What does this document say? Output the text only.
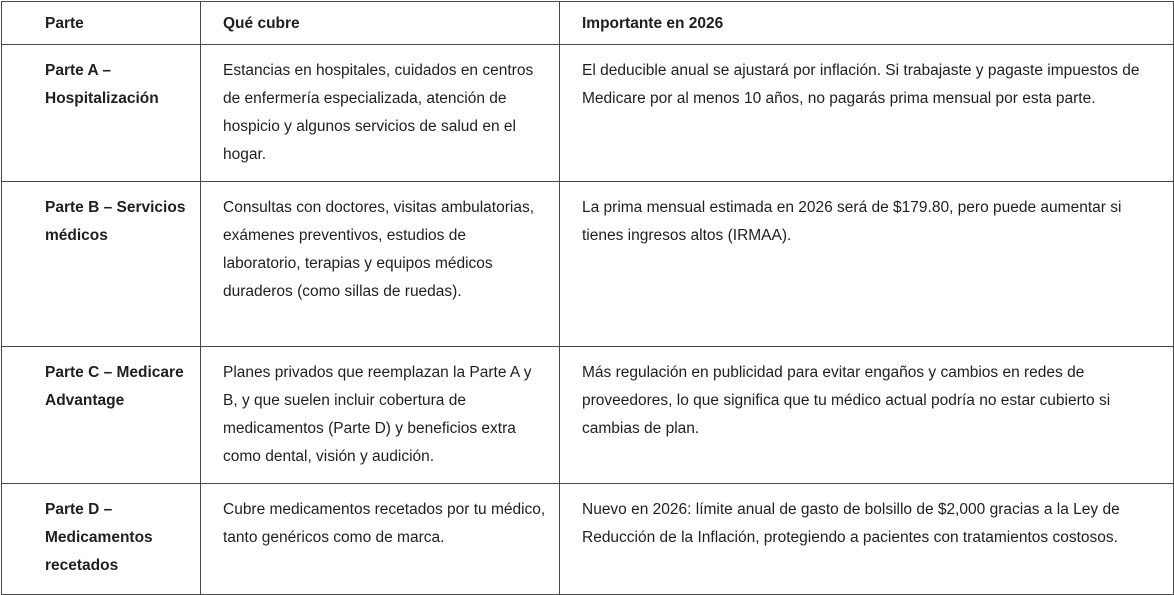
Parte	Qué cubre	Importante en 2026
Parte A – Hospitalización	Estancias en hospitales, cuidados en centros de enfermería especializada, atención de hospicio y algunos servicios de salud en el hogar.	El deducible anual se ajustará por inflación. Si trabajaste y pagaste impuestos de Medicare por al menos 10 años, no pagarás prima mensual por esta parte.
Parte B – Servicios médicos	Consultas con doctores, visitas ambulatorias, exámenes preventivos, estudios de laboratorio, terapias y equipos médicos duraderos (como sillas de ruedas).	La prima mensual estimada en 2026 será de $179.80, pero puede aumentar si tienes ingresos altos (IRMAA).
Parte C – Medicare Advantage	Planes privados que reemplazan la Parte A y B, y que suelen incluir cobertura de medicamentos (Parte D) y beneficios extra como dental, visión y audición.	Más regulación en publicidad para evitar engaños y cambios en redes de proveedores, lo que significa que tu médico actual podría no estar cubierto si cambias de plan.
Parte D – Medicamentos recetados	Cubre medicamentos recetados por tu médico, tanto genéricos como de marca.	Nuevo en 2026: límite anual de gasto de bolsillo de $2,000 gracias a la Ley de Reducción de la Inflación, protegiendo a pacientes con tratamientos costosos.
